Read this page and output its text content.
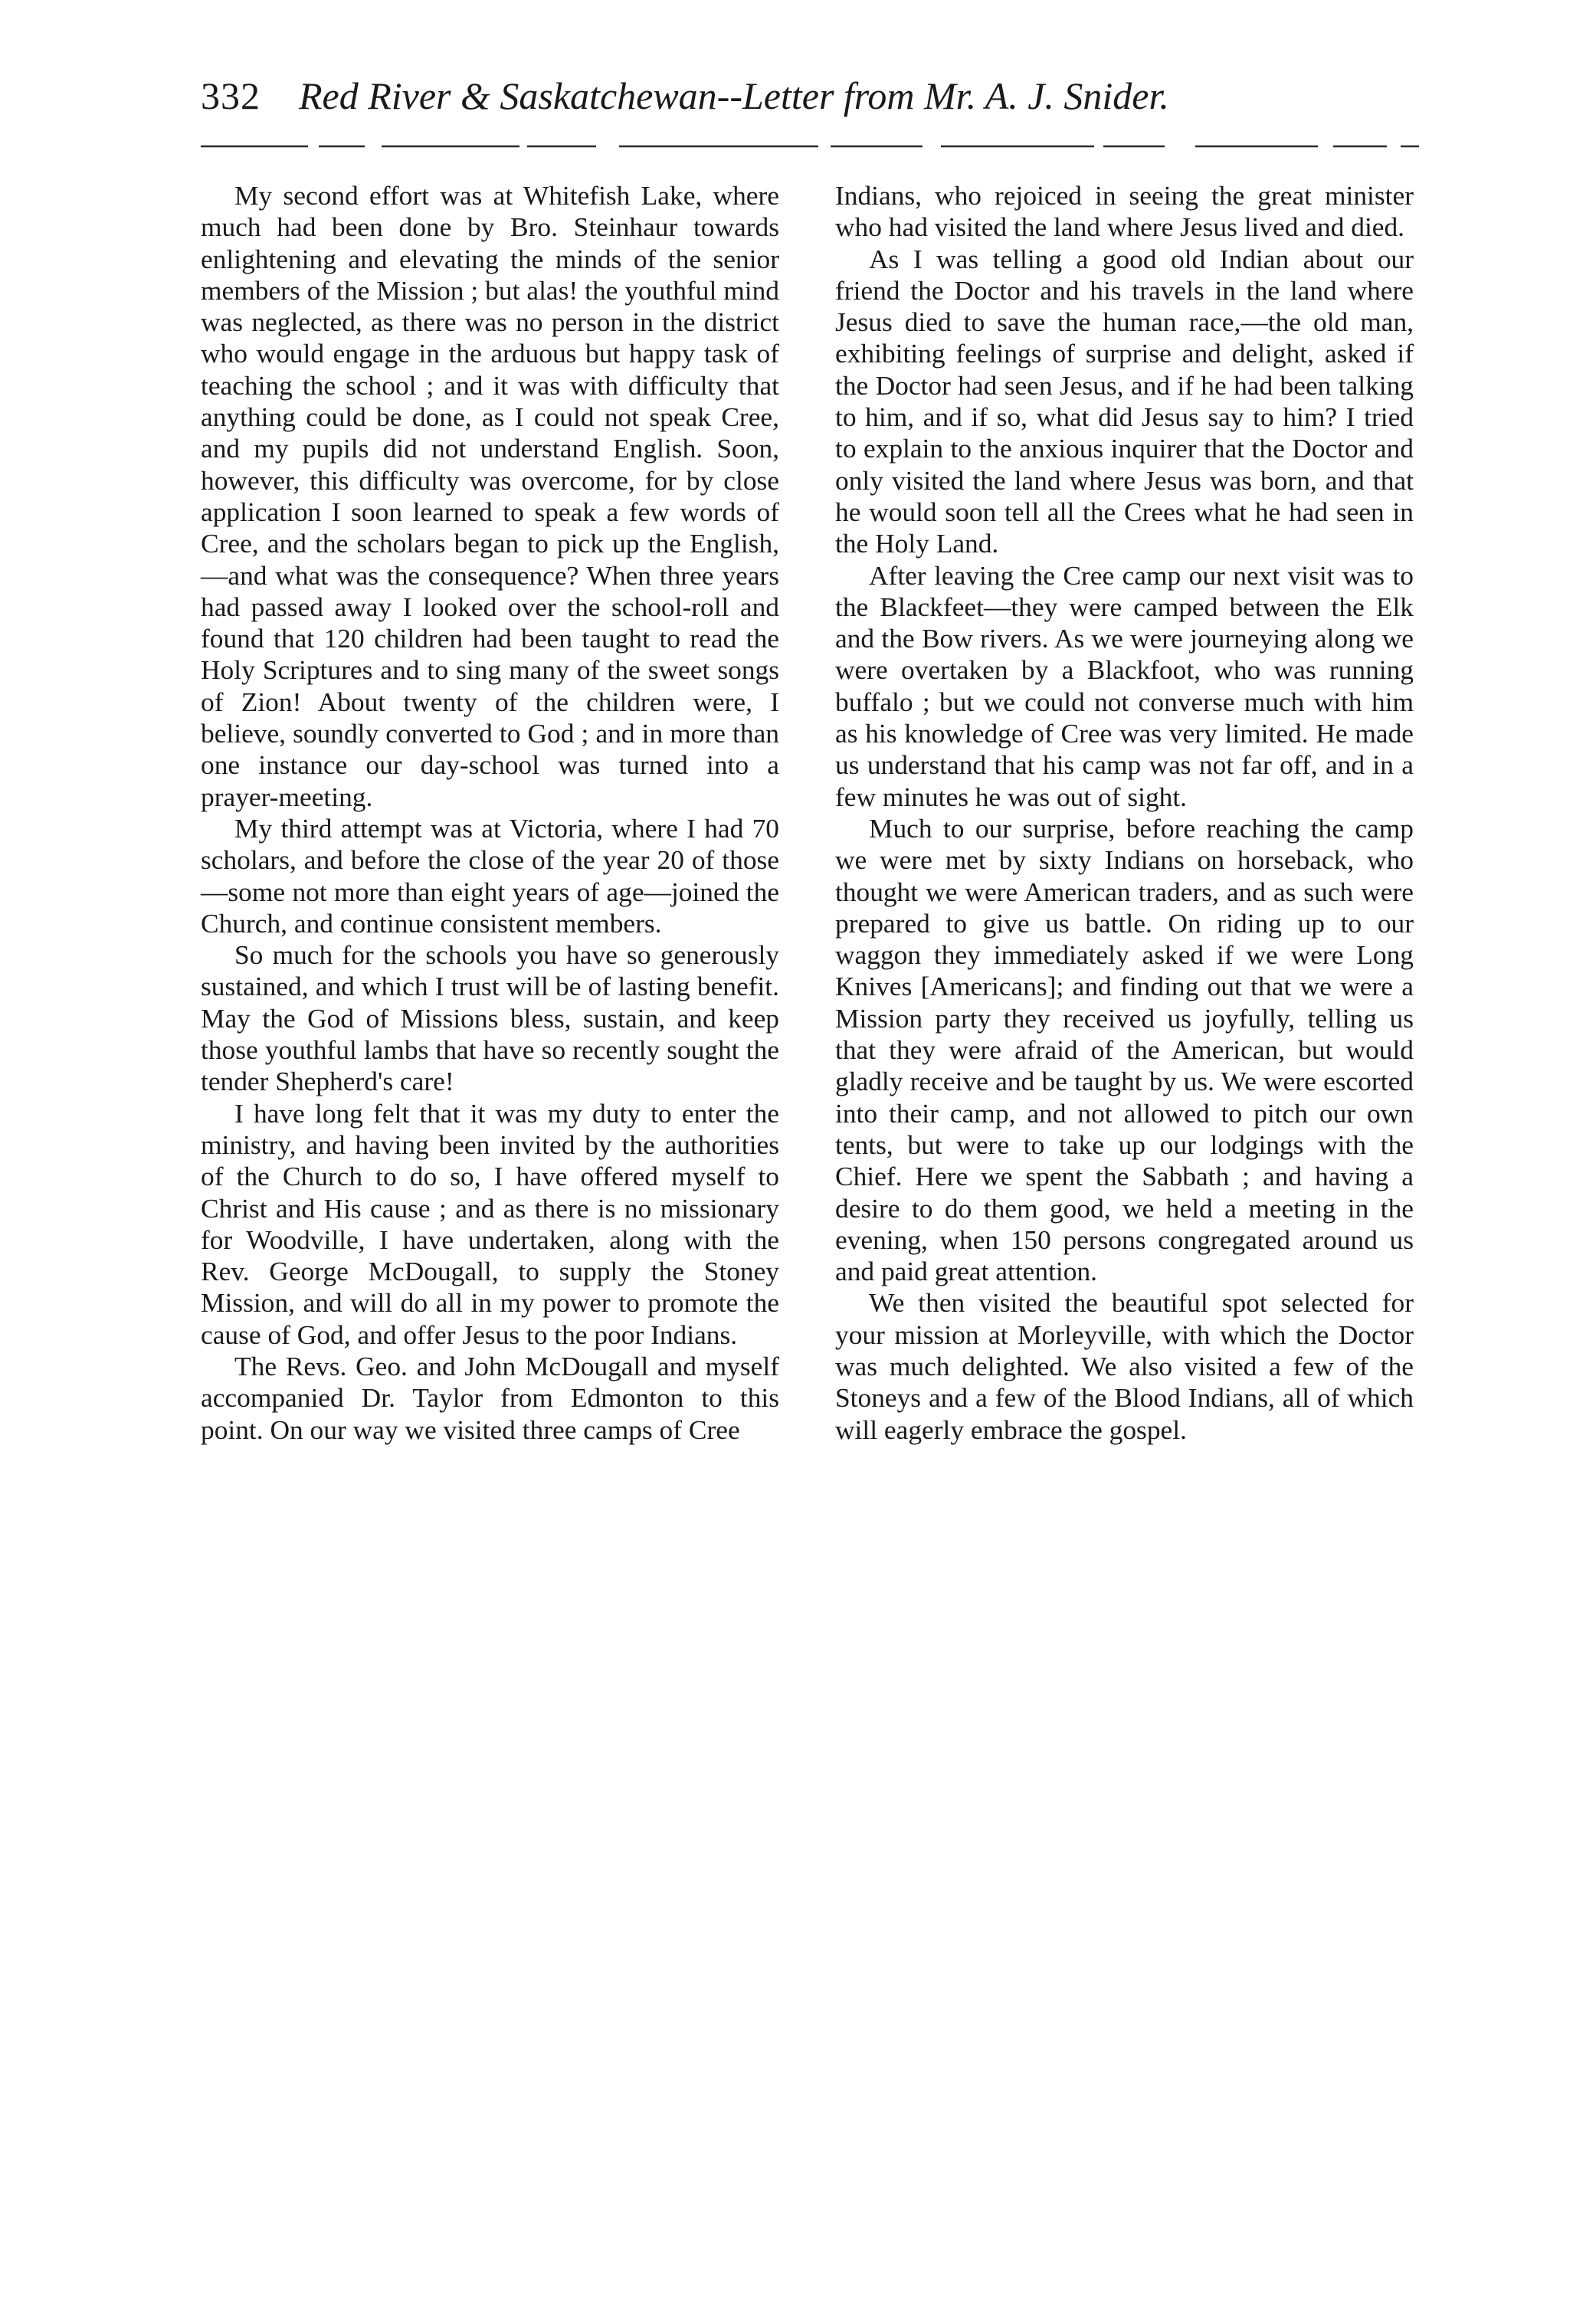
332 Red River & Saskatchewan--Letter from Mr. A. J. Snider.

My second effort was at Whitefish Lake, where much had been done by Bro. Steinhaur towards enlightening and elevating the minds of the senior members of the Mission ; but alas! the youthful mind was neglected, as there was no person in the district who would engage in the arduous but happy task of teaching the school ; and it was with difficulty that anything could be done, as I could not speak Cree, and my pupils did not understand English. Soon, however, this difficulty was overcome, for by close application I soon learned to speak a few words of Cree, and the scholars began to pick up the English,—and what was the consequence? When three years had passed away I looked over the school-roll and found that 120 children had been taught to read the Holy Scriptures and to sing many of the sweet songs of Zion! About twenty of the children were, I believe, soundly converted to God ; and in more than one instance our day-school was turned into a prayer-meeting.

My third attempt was at Victoria, where I had 70 scholars, and before the close of the year 20 of those—some not more than eight years of age—joined the Church, and continue consistent members.

So much for the schools you have so generously sustained, and which I trust will be of lasting benefit. May the God of Missions bless, sustain, and keep those youthful lambs that have so recently sought the tender Shepherd's care!

I have long felt that it was my duty to enter the ministry, and having been invited by the authorities of the Church to do so, I have offered myself to Christ and His cause ; and as there is no missionary for Woodville, I have undertaken, along with the Rev. George McDougall, to supply the Stoney Mission, and will do all in my power to promote the cause of God, and offer Jesus to the poor Indians.

The Revs. Geo. and John McDougall and myself accompanied Dr. Taylor from Edmonton to this point. On our way we visited three camps of Cree

Indians, who rejoiced in seeing the great minister who had visited the land where Jesus lived and died.

As I was telling a good old Indian about our friend the Doctor and his travels in the land where Jesus died to save the human race,—the old man, exhibiting feelings of surprise and delight, asked if the Doctor had seen Jesus, and if he had been talking to him, and if so, what did Jesus say to him? I tried to explain to the anxious inquirer that the Doctor and only visited the land where Jesus was born, and that he would soon tell all the Crees what he had seen in the Holy Land.

After leaving the Cree camp our next visit was to the Blackfeet—they were camped between the Elk and the Bow rivers. As we were journeying along we were overtaken by a Blackfoot, who was running buffalo ; but we could not converse much with him as his knowledge of Cree was very limited. He made us understand that his camp was not far off, and in a few minutes he was out of sight.

Much to our surprise, before reaching the camp we were met by sixty Indians on horseback, who thought we were American traders, and as such were prepared to give us battle. On riding up to our waggon they immediately asked if we were Long Knives [Americans]; and finding out that we were a Mission party they received us joyfully, telling us that they were afraid of the American, but would gladly receive and be taught by us. We were escorted into their camp, and not allowed to pitch our own tents, but were to take up our lodgings with the Chief. Here we spent the Sabbath ; and having a desire to do them good, we held a meeting in the evening, when 150 persons congregated around us and paid great attention.

We then visited the beautiful spot selected for your mission at Morleyville, with which the Doctor was much delighted. We also visited a few of the Stoneys and a few of the Blood Indians, all of which will eagerly embrace the gospel.
